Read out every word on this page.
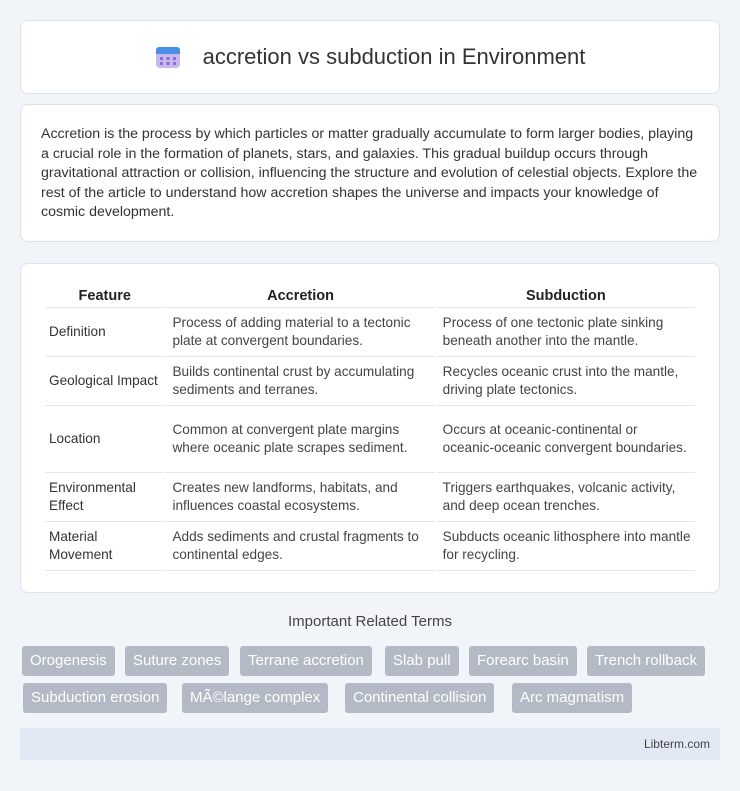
accretion vs subduction in Environment

Accretion is the process by which particles or matter gradually accumulate to form larger bodies, playing a crucial role in the formation of planets, stars, and galaxies. This gradual buildup occurs through gravitational attraction or collision, influencing the structure and evolution of celestial objects. Explore the rest of the article to understand how accretion shapes the universe and impacts your knowledge of cosmic development.

Feature	Accretion	Subduction
Definition	Process of adding material to a tectonic plate at convergent boundaries.	Process of one tectonic plate sinking beneath another into the mantle.
Geological Impact	Builds continental crust by accumulating sediments and terranes.	Recycles oceanic crust into the mantle, driving plate tectonics.
Location	Common at convergent plate margins where oceanic plate scrapes sediment.	Occurs at oceanic-continental or oceanic-oceanic convergent boundaries.
Environmental Effect	Creates new landforms, habitats, and influences coastal ecosystems.	Triggers earthquakes, volcanic activity, and deep ocean trenches.
Material Movement	Adds sediments and crustal fragments to continental edges.	Subducts oceanic lithosphere into mantle for recycling.
Important Related Terms
Orogenesis	Suture zones	Terrane accretion	Slab pull	Forearc basin	Trench rollback
Subduction erosion	MÃ©lange complex	Continental collision	Arc magmatism
Libterm.com
